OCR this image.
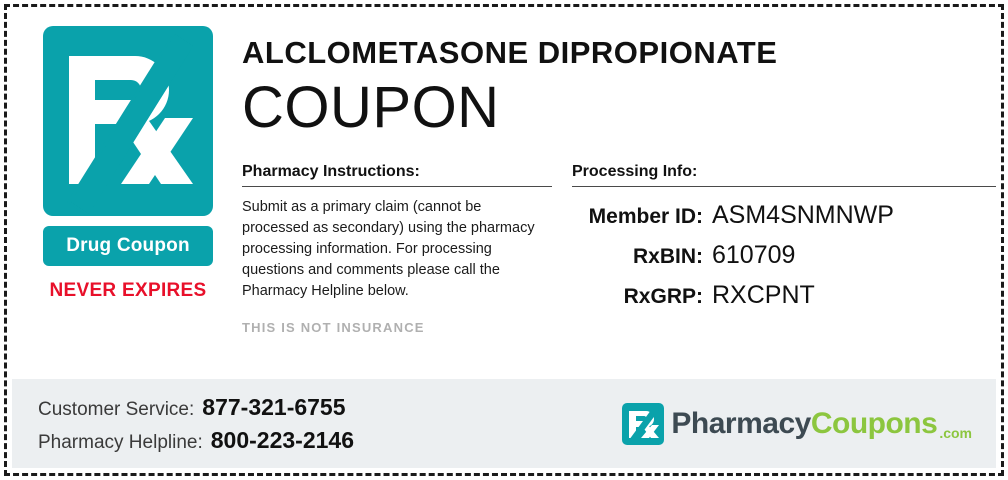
Drug Coupon
NEVER EXPIRES
ALCLOMETASONE DIPROPIONATE
COUPON
Pharmacy Instructions:
Submit as a primary claim (cannot be processed as secondary) using the pharmacy processing information. For processing questions and comments please call the Pharmacy Helpline below.
THIS IS NOT INSURANCE
Processing Info:
Member ID: ASM4SNMNWP
RxBIN: 610709
RxGRP: RXCPNT
Customer Service: 877-321-6755
Pharmacy Helpline: 800-223-2146	Pharmacy Coupons .com
